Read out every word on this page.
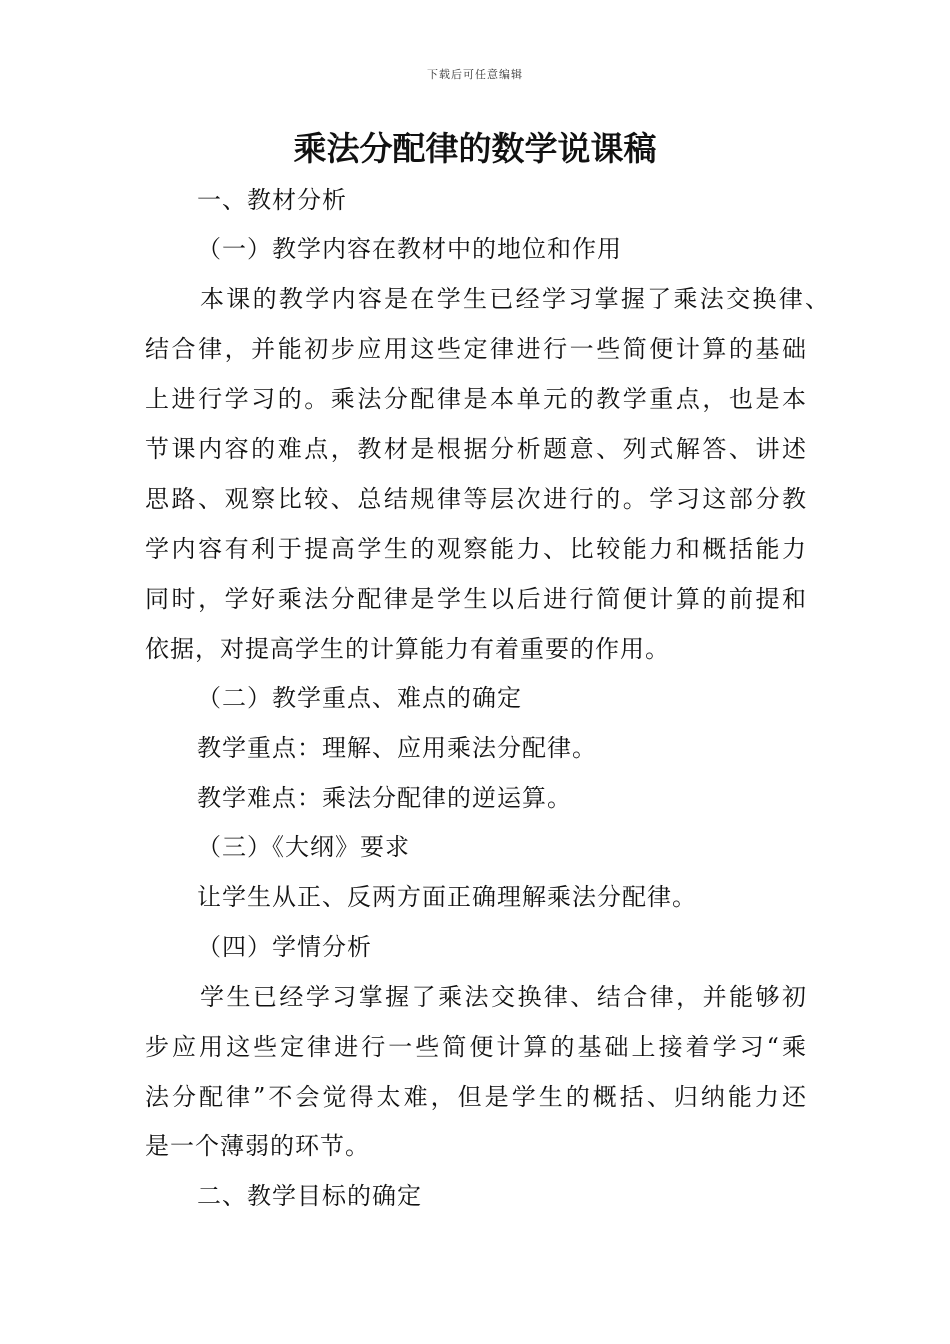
下载后可任意编辑
乘法分配律的数学说课稿

一、教材分析

（一）教学内容在教材中的地位和作用

本课的教学内容是在学生已经学习掌握了乘法交换律、

结合律，并能初步应用这些定律进行一些简便计算的基础

上进行学习的。乘法分配律是本单元的教学重点，也是本

节课内容的难点，教材是根据分析题意、列式解答、讲述

思路、观察比较、总结规律等层次进行的。学习这部分教

学内容有利于提高学生的观察能力、比较能力和概括能力

同时，学好乘法分配律是学生以后进行简便计算的前提和

依据，对提高学生的计算能力有着重要的作用。

（二）教学重点、难点的确定

教学重点：理解、应用乘法分配律。

教学难点：乘法分配律的逆运算。

（三）《大纲》要求

让学生从正、反两方面正确理解乘法分配律。

（四）学情分析

学生已经学习掌握了乘法交换律、结合律，并能够初

步应用这些定律进行一些简便计算的基础上接着学习“乘

法分配律”不会觉得太难，但是学生的概括、归纳能力还

是一个薄弱的环节。

二、教学目标的确定
